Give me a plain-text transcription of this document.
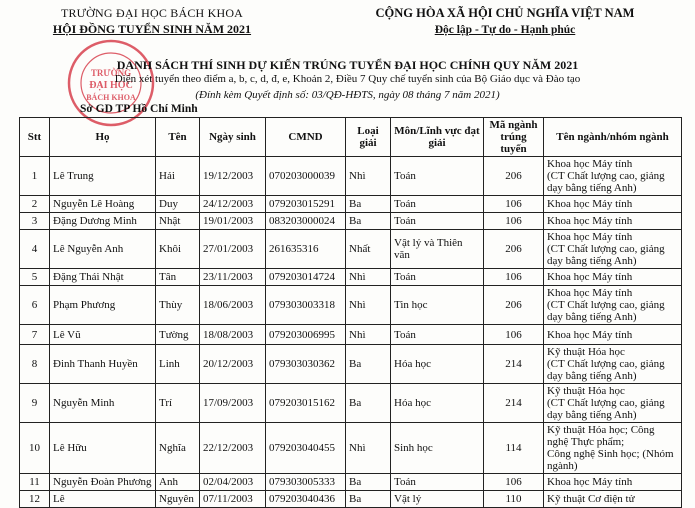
TRƯỜNG ĐẠI HỌC BÁCH KHOA
HỘI ĐỒNG TUYỂN SINH NĂM 2021
CỘNG HÒA XÃ HỘI CHỦ NGHĨA VIỆT NAM
Độc lập - Tự do - Hạnh phúc
TRƯỜNG
ĐẠI HỌC
BÁCH KHOA
DANH SÁCH THÍ SINH DỰ KIẾN TRÚNG TUYỂN ĐẠI HỌC CHÍNH QUY NĂM 2021
Diện xét tuyển theo điểm a, b, c, d, đ, e, Khoản 2, Điều 7 Quy chế tuyển sinh của Bộ Giáo dục và Đào tạo
(Đính kèm Quyết định số: 03/QĐ-HĐTS, ngày 08 tháng 7 năm 2021)
Sở GD TP Hồ Chí Minh
Stt	Họ	Tên	Ngày sinh	CMND	Loại giải	Môn/Lĩnh vực đạt giải	Mã ngành trúng tuyển	Tên ngành/nhóm ngành
1	Lê Trung	Hải	19/12/2003	070203000039	Nhì	Toán	206	Khoa học Máy tính
(CT Chất lượng cao, giảng dạy bằng tiếng Anh)

2	Nguyễn Lê Hoàng	Duy	24/12/2003	079203015291	Ba	Toán	106	Khoa học Máy tính

3	Đặng Dương Minh	Nhật	19/01/2003	083203000024	Ba	Toán	106	Khoa học Máy tính

4	Lê Nguyễn Anh	Khôi	27/01/2003	261635316	Nhất	Vật lý và Thiên văn	206	Khoa học Máy tính
(CT Chất lượng cao, giảng dạy bằng tiếng Anh)

5	Đặng Thái Nhật	Tân	23/11/2003	079203014724	Nhì	Toán	106	Khoa học Máy tính

6	Phạm Phương	Thùy	18/06/2003	079303003318	Nhì	Tin học	206	Khoa học Máy tính
(CT Chất lượng cao, giảng dạy bằng tiếng Anh)

7	Lê Vũ	Tường	18/08/2003	079203006995	Nhì	Toán	106	Khoa học Máy tính

8	Đinh Thanh Huyền	Linh	20/12/2003	079303030362	Ba	Hóa học	214	Kỹ thuật Hóa học
(CT Chất lượng cao, giảng dạy bằng tiếng Anh)

9	Nguyễn Minh	Trí	17/09/2003	079203015162	Ba	Hóa học	214	Kỹ thuật Hóa học
(CT Chất lượng cao, giảng dạy bằng tiếng Anh)

10	Lê Hữu	Nghĩa	22/12/2003	079203040455	Nhì	Sinh học	114	Kỹ thuật Hóa học; Công nghệ Thực phẩm;
Công nghệ Sinh học; (Nhóm ngành)

11	Nguyễn Đoàn Phương	Anh	02/04/2003	079303005333	Ba	Toán	106	Khoa học Máy tính

12	Lê	Nguyên	07/11/2003	079203040436	Ba	Vật lý	110	Kỹ thuật Cơ điện tử
